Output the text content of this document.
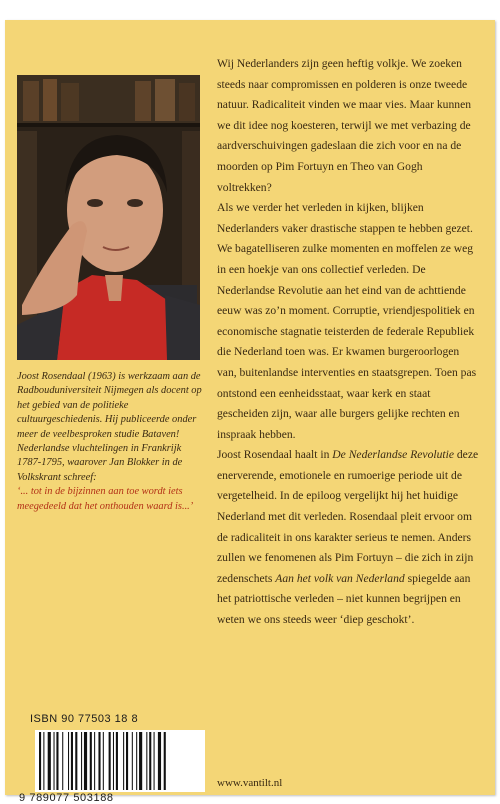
Joost Rosendaal (1963) is werkzaam aan de Radbouduniversiteit Nijmegen als docent op het gebied van de politieke cultuurgeschiedenis. Hij publiceerde onder meer de veelbesproken studie Bataven! Nederlandse vluchtelingen in Frankrijk 1787-1795, waarover Jan Blokker in de Volkskrant schreef:

‘... tot in de bijzinnen aan toe wordt iets meegedeeld dat het onthouden waard is...’

ISBN 90 77503 18 8
9 789077 503188

Wij Nederlanders zijn geen heftig volkje. We zoeken steeds naar compromissen en polderen is onze tweede natuur. Radicaliteit vinden we maar vies. Maar kunnen we dit idee nog koesteren, terwijl we met verbazing de aardverschuivingen gadeslaan die zich voor en na de moorden op Pim Fortuyn en Theo van Gogh voltrekken?

Als we verder het verleden in kijken, blijken Nederlanders vaker drastische stappen te hebben gezet. We bagatelliseren zulke momenten en moffelen ze weg in een hoekje van ons collectief verleden. De Nederlandse Revolutie aan het eind van de achttiende eeuw was zo’n moment. Corruptie, vriendjespolitiek en economische stagnatie teisterden de federale Republiek die Nederland toen was. Er kwamen burgeroorlogen van, buitenlandse interventies en staatsgrepen. Toen pas ontstond een eenheidsstaat, waar kerk en staat gescheiden zijn, waar alle burgers gelijke rechten en inspraak hebben.

Joost Rosendaal haalt in De Nederlandse Revolutie deze enerverende, emotionele en rumoerige periode uit de vergetelheid. In de epiloog vergelijkt hij het huidige Nederland met dit verleden. Rosendaal pleit ervoor om de radicaliteit in ons karakter serieus te nemen. Anders zullen we fenomenen als Pim Fortuyn – die zich in zijn zedenschets Aan het volk van Nederland spiegelde aan het patriottische verleden – niet kunnen begrijpen en weten we ons steeds weer ‘diep geschokt’.

www.vantilt.nl
